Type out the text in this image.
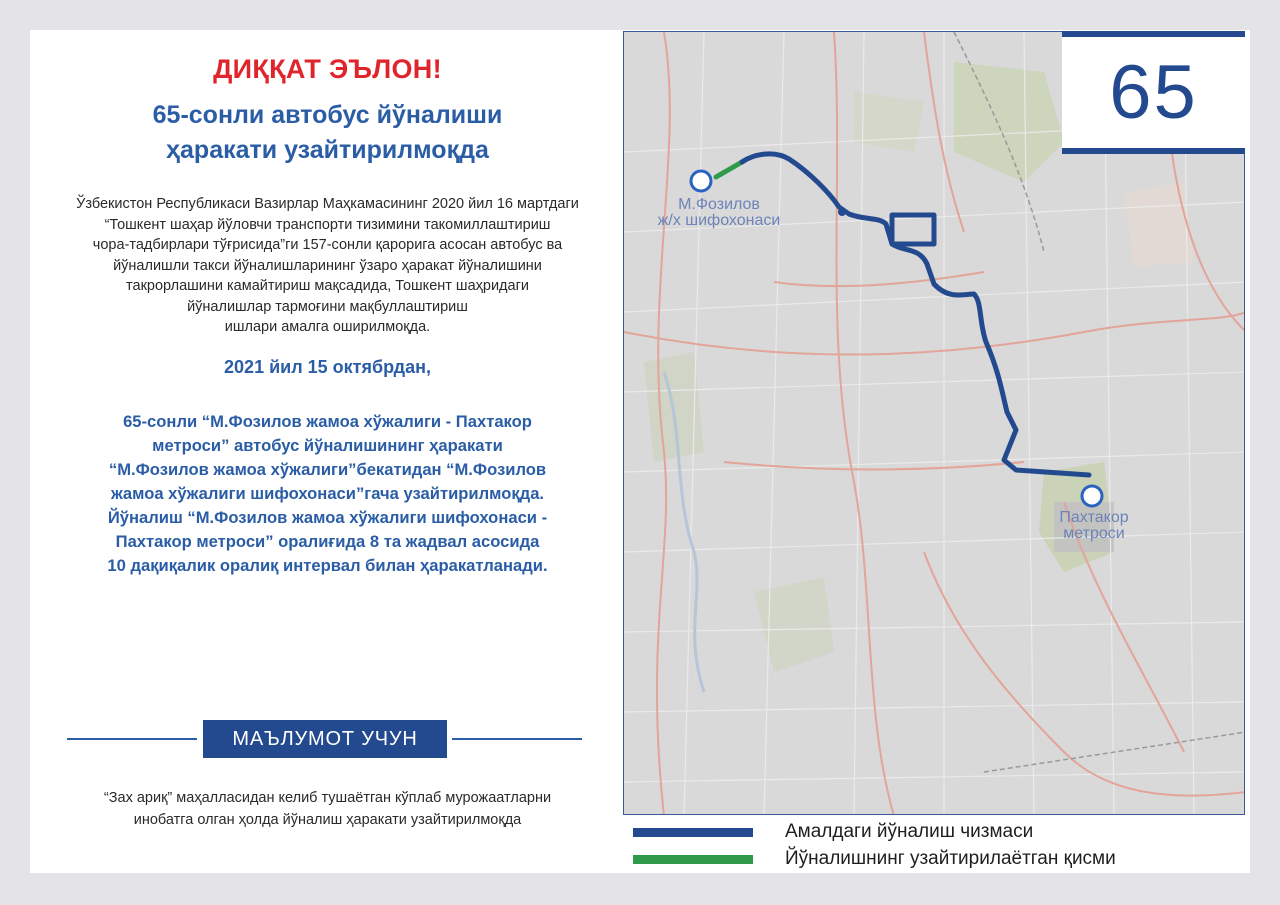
ДИҚҚАТ ЭЪЛОН!
65-сонли автобус йўналиши
ҳаракати узайтирилмоқда
Ўзбекистон Республикаси Вазирлар Маҳкамасининг 2020 йил 16 мартдаги
“Тошкент шаҳар йўловчи транспорти тизимини такомиллаштириш
чора-тадбирлари тўғрисида”ги 157-сонли қарорига асосан автобус ва
йўналишли такси йўналишларининг ўзаро ҳаракат йўналишини
такрорлашини камайтириш мақсадида, Тошкент шаҳридаги
йўналишлар тармоғини мақбуллаштириш
ишлари амалга оширилмоқда.
2021 йил 15 октябрдан,
65-сонли “М.Фозилов жамоа хўжалиги - Пахтакор
метроси” автобус йўналишининг ҳаракати
“М.Фозилов жамоа хўжалиги”бекатидан “М.Фозилов
жамоа хўжалиги шифохонаси”гача узайтирилмоқда.
Йўналиш “М.Фозилов жамоа хўжалиги шифохонаси -
Пахтакор метроси” оралиғида 8 та жадвал асосида
10 дақиқалик оралиқ интервал билан ҳаракатланади.
МАЪЛУМОТ УЧУН
“Зах ариқ” маҳалласидан келиб тушаётган кўплаб мурожаатларни
инобатга олган ҳолда йўналиш ҳаракати узайтирилмоқда
М.Фозилов
ж/х шифохонаси
Пахтакор
метроси
65
Амалдаги йўналиш чизмаси
Йўналишнинг узайтирилаётган қисми
